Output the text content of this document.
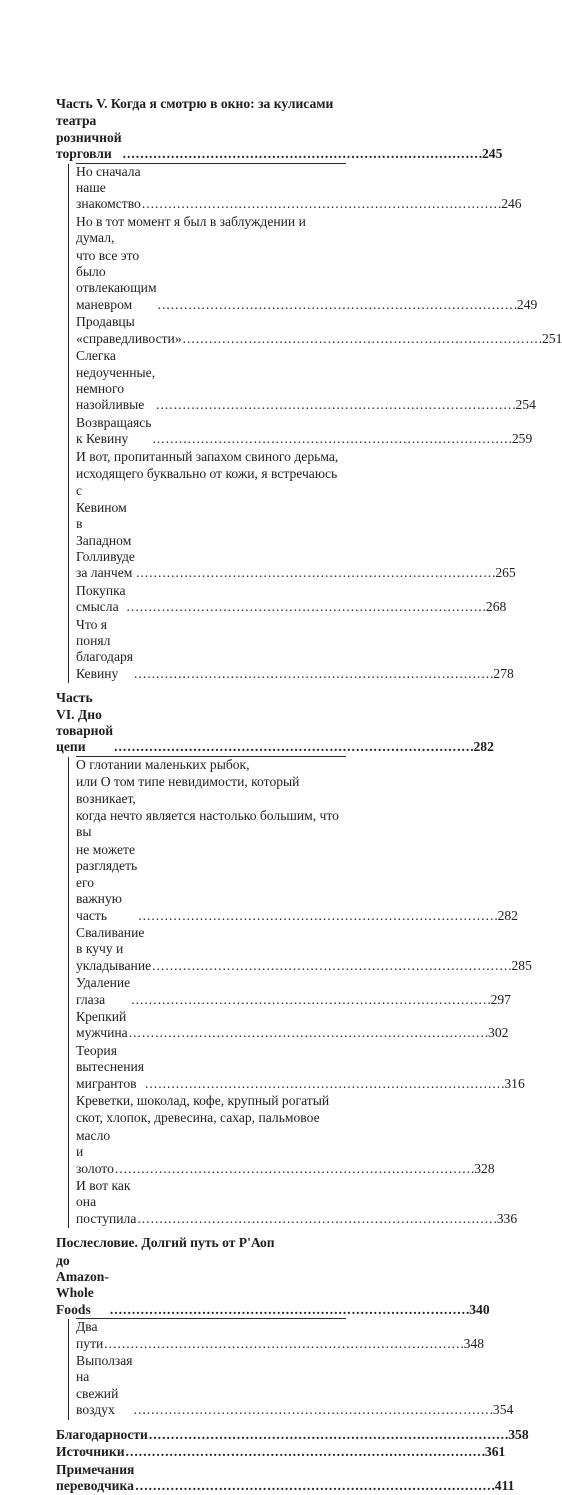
Часть V. Когда я смотрю в окно: за кулисами
театра розничной торговли . . .	245
Но сначала наше знакомство . . .	246
Но в тот момент я был в заблуждении и думал,
что все это было отвлекающим маневром . . .	249
Продавцы «справедливости» . . .	251
Слегка недоученные, немного назойливые . . .	254
Возвращаясь к Кевину . . .	259
И вот, пропитанный запахом свиного дерьма,
исходящего буквально от кожи, я встречаюсь
с Кевином в Западном Голливуде за ланчем . . .	265
Покупка смысла . . .	268
Что я понял благодаря Кевину . . .	278
Часть VI. Дно товарной цепи . . .	282
О глотании маленьких рыбок,
или О том типе невидимости, который возникает,
когда нечто является настолько большим, что вы
не можете разглядеть его важную часть . . .	282
Сваливание в кучу и укладывание . . .	285
Удаление глаза . . .	297
Крепкий мужчина . . .	302
Теория вытеснения мигрантов . . .	316
Креветки, шоколад, кофе, крупный рогатый
скот, хлопок, древесина, сахар, пальмовое
масло и золото . . .	328
И вот как она поступила . . .	336
Послесловие. Долгий путь от Р'Аоп
до Amazon-Whole Foods . . .	340
Два пути . . .	348
Выползая на свежий воздух . . .	354
Благодарности . . .	358
Источники . . .	361
Примечания переводчика . . .	411
